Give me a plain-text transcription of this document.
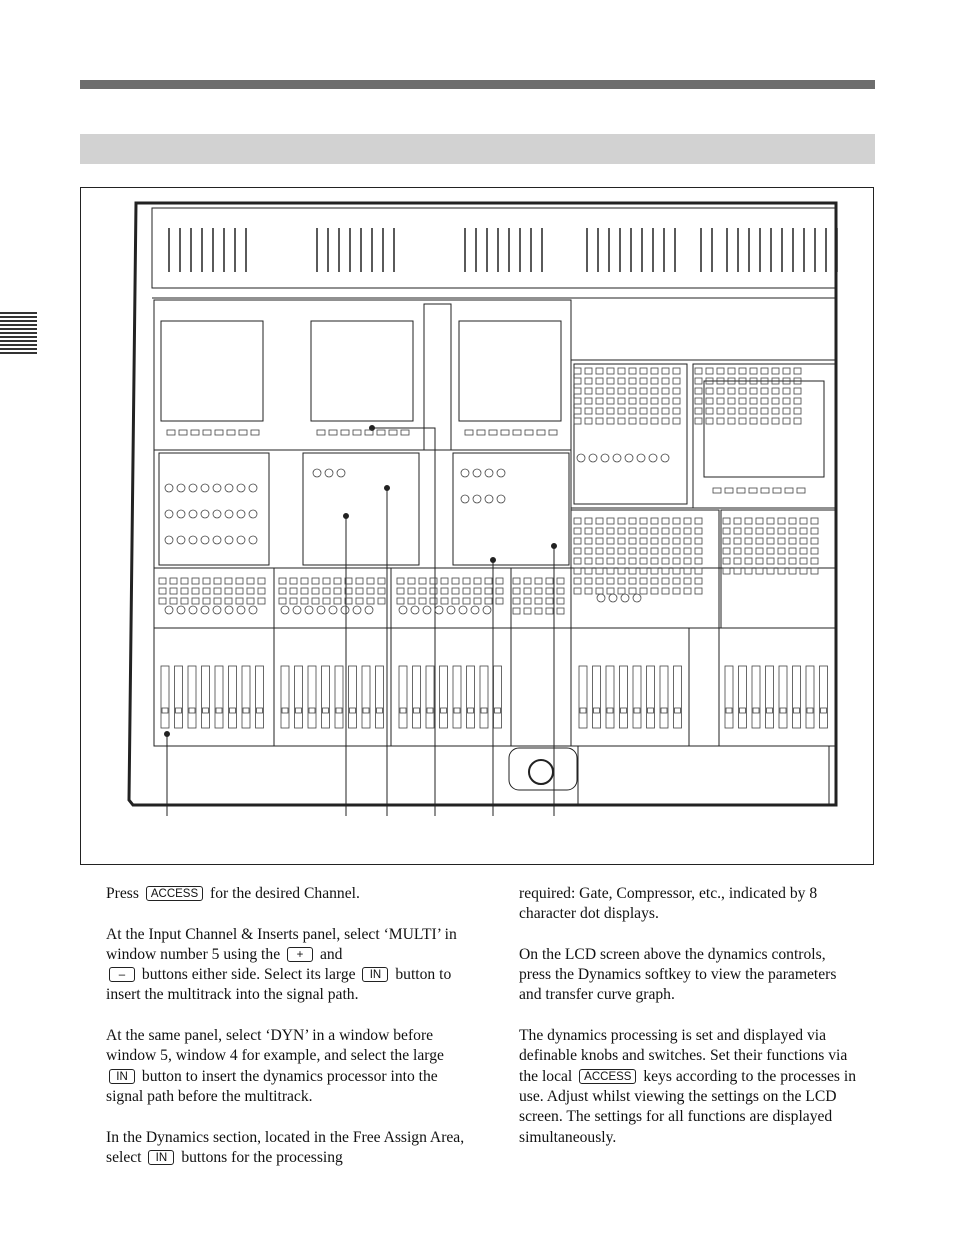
Press ACCESS for the desired Channel.

At the Input Channel & Inserts panel, select ‘MULTI’ in window number 5 using the + and
– buttons either side. Select its large IN button to insert the multitrack into the signal path.

At the same panel, select ‘DYN’ in a window before window 5, window 4 for example, and select the large IN button to insert the dynamics processor into the signal path before the multitrack.

In the Dynamics section, located in the Free Assign Area, select IN buttons for the processing

required: Gate, Compressor, etc., indicated by 8 character dot displays.

On the LCD screen above the dynamics controls, press the Dynamics softkey to view the parameters and transfer curve graph.

The dynamics processing is set and displayed via definable knobs and switches. Set their functions via the local ACCESS keys according to the processes in use. Adjust whilst viewing the settings on the LCD screen. The settings for all functions are displayed simultaneously.
